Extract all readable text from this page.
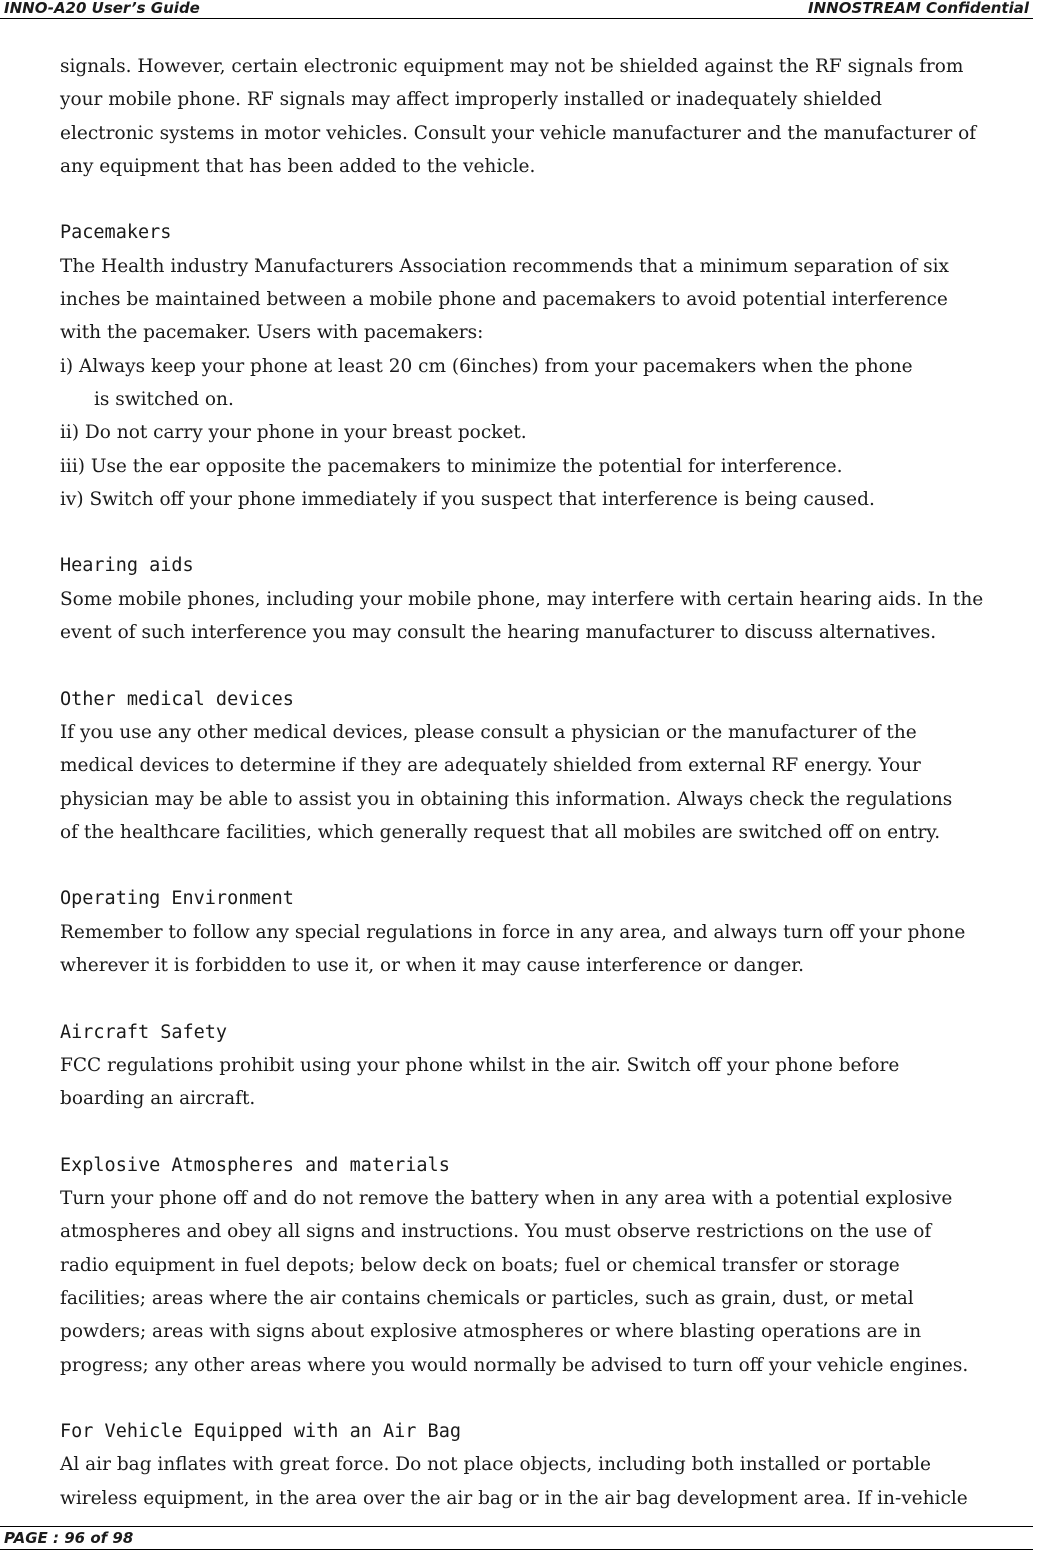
INNO-A20 User’s Guide	INNOSTREAM Confidential
signals. However, certain electronic equipment may not be shielded against the RF signals from
your mobile phone. RF signals may affect improperly installed or inadequately shielded
electronic systems in motor vehicles. Consult your vehicle manufacturer and the manufacturer of
any equipment that has been added to the vehicle.
Pacemakers
The Health industry Manufacturers Association recommends that a minimum separation of six
inches be maintained between a mobile phone and pacemakers to avoid potential interference
with the pacemaker. Users with pacemakers:
i) Always keep your phone at least 20 cm (6inches) from your pacemakers when the phone
is switched on.
ii) Do not carry your phone in your breast pocket.
iii) Use the ear opposite the pacemakers to minimize the potential for interference.
iv) Switch off your phone immediately if you suspect that interference is being caused.
Hearing aids
Some mobile phones, including your mobile phone, may interfere with certain hearing aids. In the
event of such interference you may consult the hearing manufacturer to discuss alternatives.
Other medical devices
If you use any other medical devices, please consult a physician or the manufacturer of the
medical devices to determine if they are adequately shielded from external RF energy. Your
physician may be able to assist you in obtaining this information. Always check the regulations
of the healthcare facilities, which generally request that all mobiles are switched off on entry.
Operating Environment
Remember to follow any special regulations in force in any area, and always turn off your phone
wherever it is forbidden to use it, or when it may cause interference or danger.
Aircraft Safety
FCC regulations prohibit using your phone whilst in the air. Switch off your phone before
boarding an aircraft.
Explosive Atmospheres and materials
Turn your phone off and do not remove the battery when in any area with a potential explosive
atmospheres and obey all signs and instructions. You must observe restrictions on the use of
radio equipment in fuel depots; below deck on boats; fuel or chemical transfer or storage
facilities; areas where the air contains chemicals or particles, such as grain, dust, or metal
powders; areas with signs about explosive atmospheres or where blasting operations are in
progress; any other areas where you would normally be advised to turn off your vehicle engines.
For Vehicle Equipped with an Air Bag
Al air bag inflates with great force. Do not place objects, including both installed or portable
wireless equipment, in the area over the air bag or in the air bag development area. If in-vehicle
PAGE : 96 of 98
